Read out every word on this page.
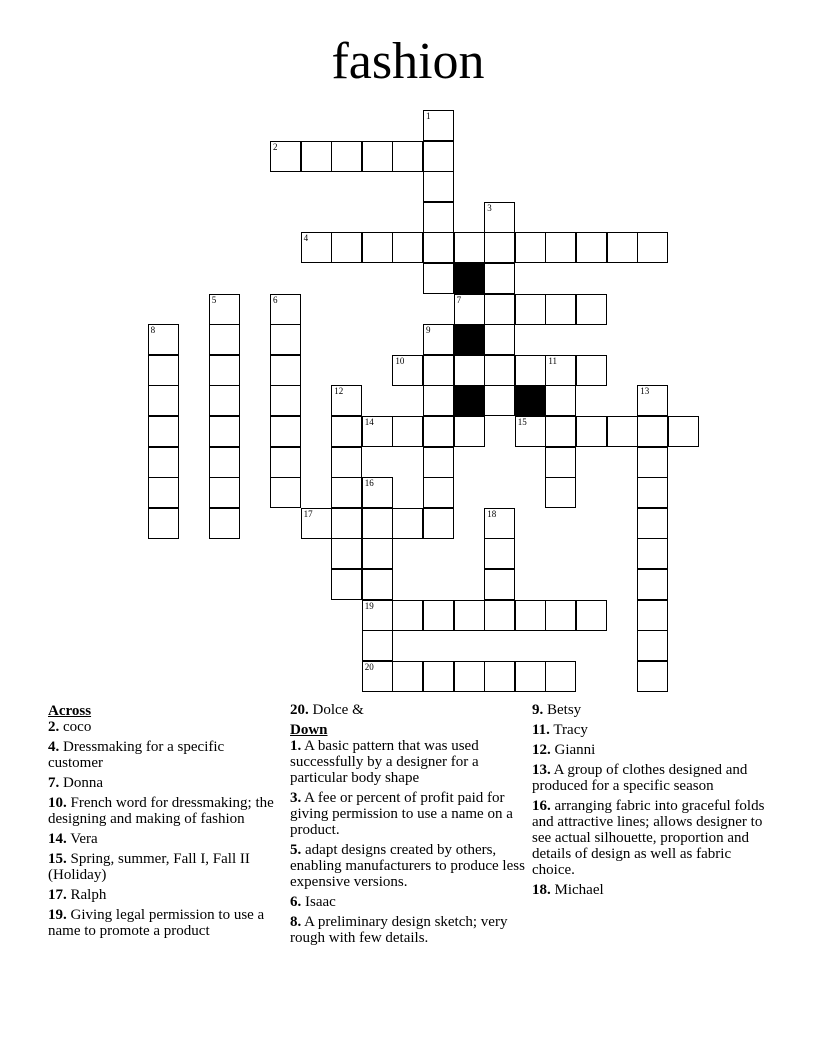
fashion
1
2
3
4
5	6	7
8	9
10	11
12	13
14	15
16
17	18
19
20
Across
2. coco
4. Dressmaking for a specific customer
7. Donna
10. French word for dressmaking; the designing and making of fashion
14. Vera
15. Spring, summer, Fall I, Fall II (Holiday)
17. Ralph
19. Giving legal permission to use a name to promote a product
20. Dolce &
Down
1. A basic pattern that was used successfully by a designer for a particular body shape
3. A fee or percent of profit paid for giving permission to use a name on a product.
5. adapt designs created by others, enabling manufacturers to produce less expensive versions.
6. Isaac
8. A preliminary design sketch; very rough with few details.
9. Betsy
11. Tracy
12. Gianni
13. A group of clothes designed and produced for a specific season
16. arranging fabric into graceful folds and attractive lines; allows designer to see actual silhouette, proportion and details of design as well as fabric choice.
18. Michael
